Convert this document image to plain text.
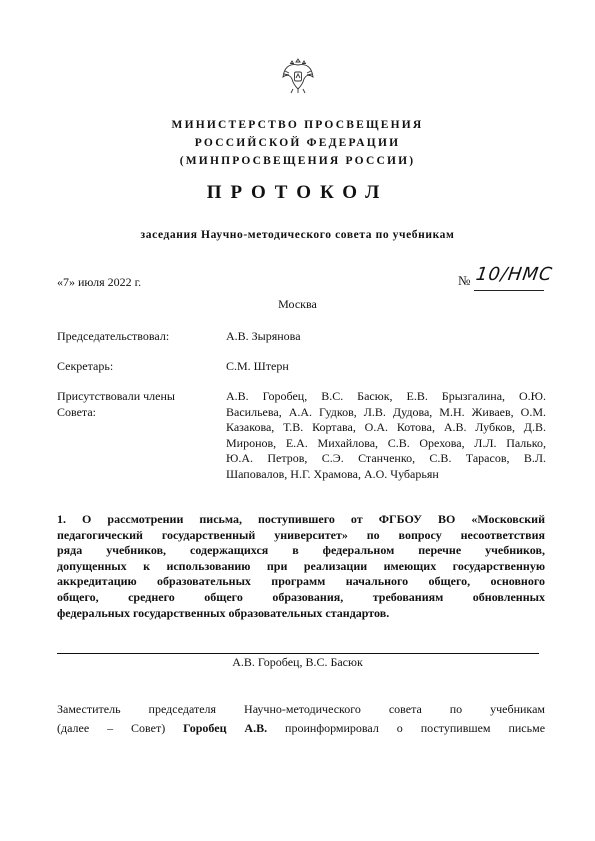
МИНИСТЕРСТВО ПРОСВЕЩЕНИЯ
РОССИЙСКОЙ ФЕДЕРАЦИИ
(МИНПРОСВЕЩЕНИЯ РОССИИ)
ПРОТОКОЛ
заседания Научно-методического совета по учебникам
«7» июля 2022 г.	№ 10/НМС
Москва
Председательствовал:	А.В. Зырянова
Секретарь:	С.М. Штерн
Присутствовали члены Совета:
А.В. Горобец, В.С. Басюк, Е.В. Брызгалина, О.Ю.
Васильева, А.А. Гудков, Л.В. Дудова, М.Н. Живаев, О.М.
Казакова, Т.В. Кортава, О.А. Котова, А.В. Лубков, Д.В.
Миронов, Е.А. Михайлова, С.В. Орехова, Л.Л. Палько,
Ю.А. Петров, С.Э. Станченко, С.В. Тарасов, В.Л.
Шаповалов, Н.Г. Храмова, А.О. Чубарьян
1. О рассмотрении письма, поступившего от ФГБОУ ВО «Московский
педагогический государственный университет» по вопросу несоответствия
ряда учебников, содержащихся в федеральном перечне учебников,
допущенных к использованию при реализации имеющих государственную
аккредитацию образовательных программ начального общего, основного
общего, среднего общего образования, требованиям обновленных
федеральных государственных образовательных стандартов.
А.В. Горобец, В.С. Басюк
Заместитель председателя Научно-методического совета по учебникам
(далее – Совет) Горобец А.В. проинформировал о поступившем письме
